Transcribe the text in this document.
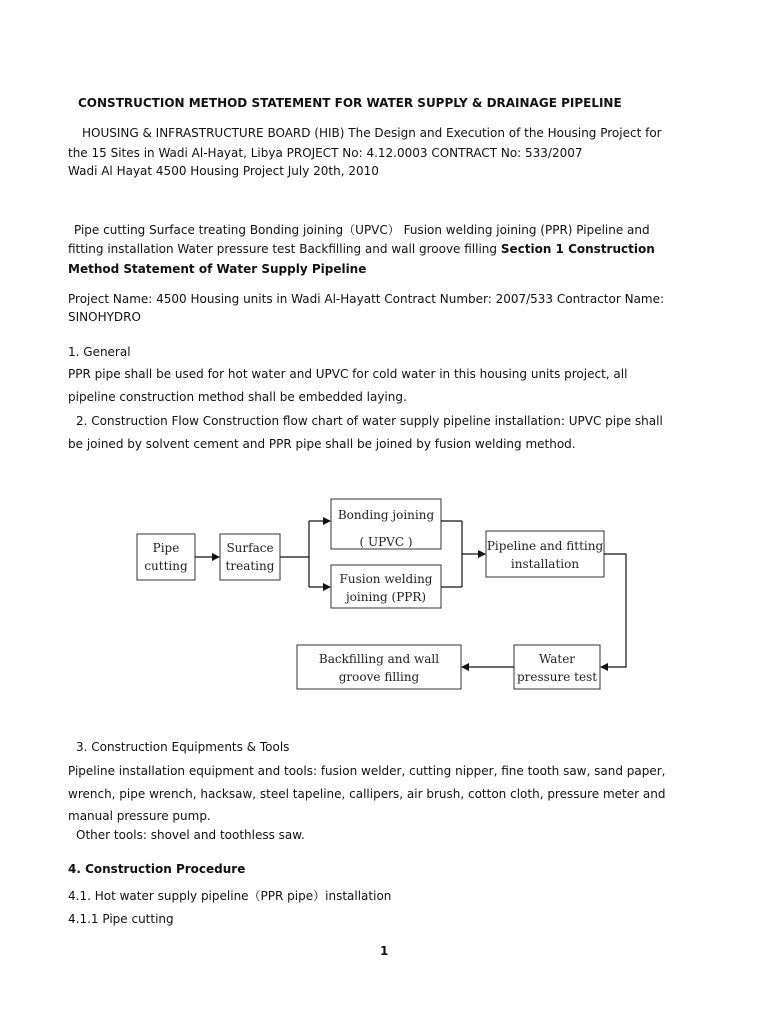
CONSTRUCTION METHOD STATEMENT FOR WATER SUPPLY & DRAINAGE PIPELINE
HOUSING & INFRASTRUCTURE BOARD (HIB) The Design and Execution of the Housing Project for
the 15 Sites in Wadi Al-Hayat, Libya PROJECT No: 4.12.0003 CONTRACT No: 533/2007
Wadi Al Hayat 4500 Housing Project July 20th, 2010
Pipe cutting Surface treating Bonding joining（UPVC） Fusion welding joining (PPR) Pipeline and
fitting installation Water pressure test Backfilling and wall groove filling Section 1 Construction
Method Statement of Water Supply Pipeline
Project Name: 4500 Housing units in Wadi Al-Hayatt Contract Number: 2007/533 Contractor Name:
SINOHYDRO
1. General
PPR pipe shall be used for hot water and UPVC for cold water in this housing units project, all
pipeline construction method shall be embedded laying.
2. Construction Flow Construction flow chart of water supply pipeline installation: UPVC pipe shall
be joined by solvent cement and PPR pipe shall be joined by fusion welding method.
Pipe
cutting
Surface
treating
Bonding joining
( UPVC )
Fusion welding
joining (PPR)
Pipeline and fitting
installation
Water
pressure test
Backfilling and wall
groove filling
3. Construction Equipments & Tools
Pipeline installation equipment and tools: fusion welder, cutting nipper, fine tooth saw, sand paper,
wrench, pipe wrench, hacksaw, steel tapeline, callipers, air brush, cotton cloth, pressure meter and
manual pressure pump.
Other tools: shovel and toothless saw.
4. Construction Procedure
4.1. Hot water supply pipeline（PPR pipe）installation
4.1.1 Pipe cutting
1
